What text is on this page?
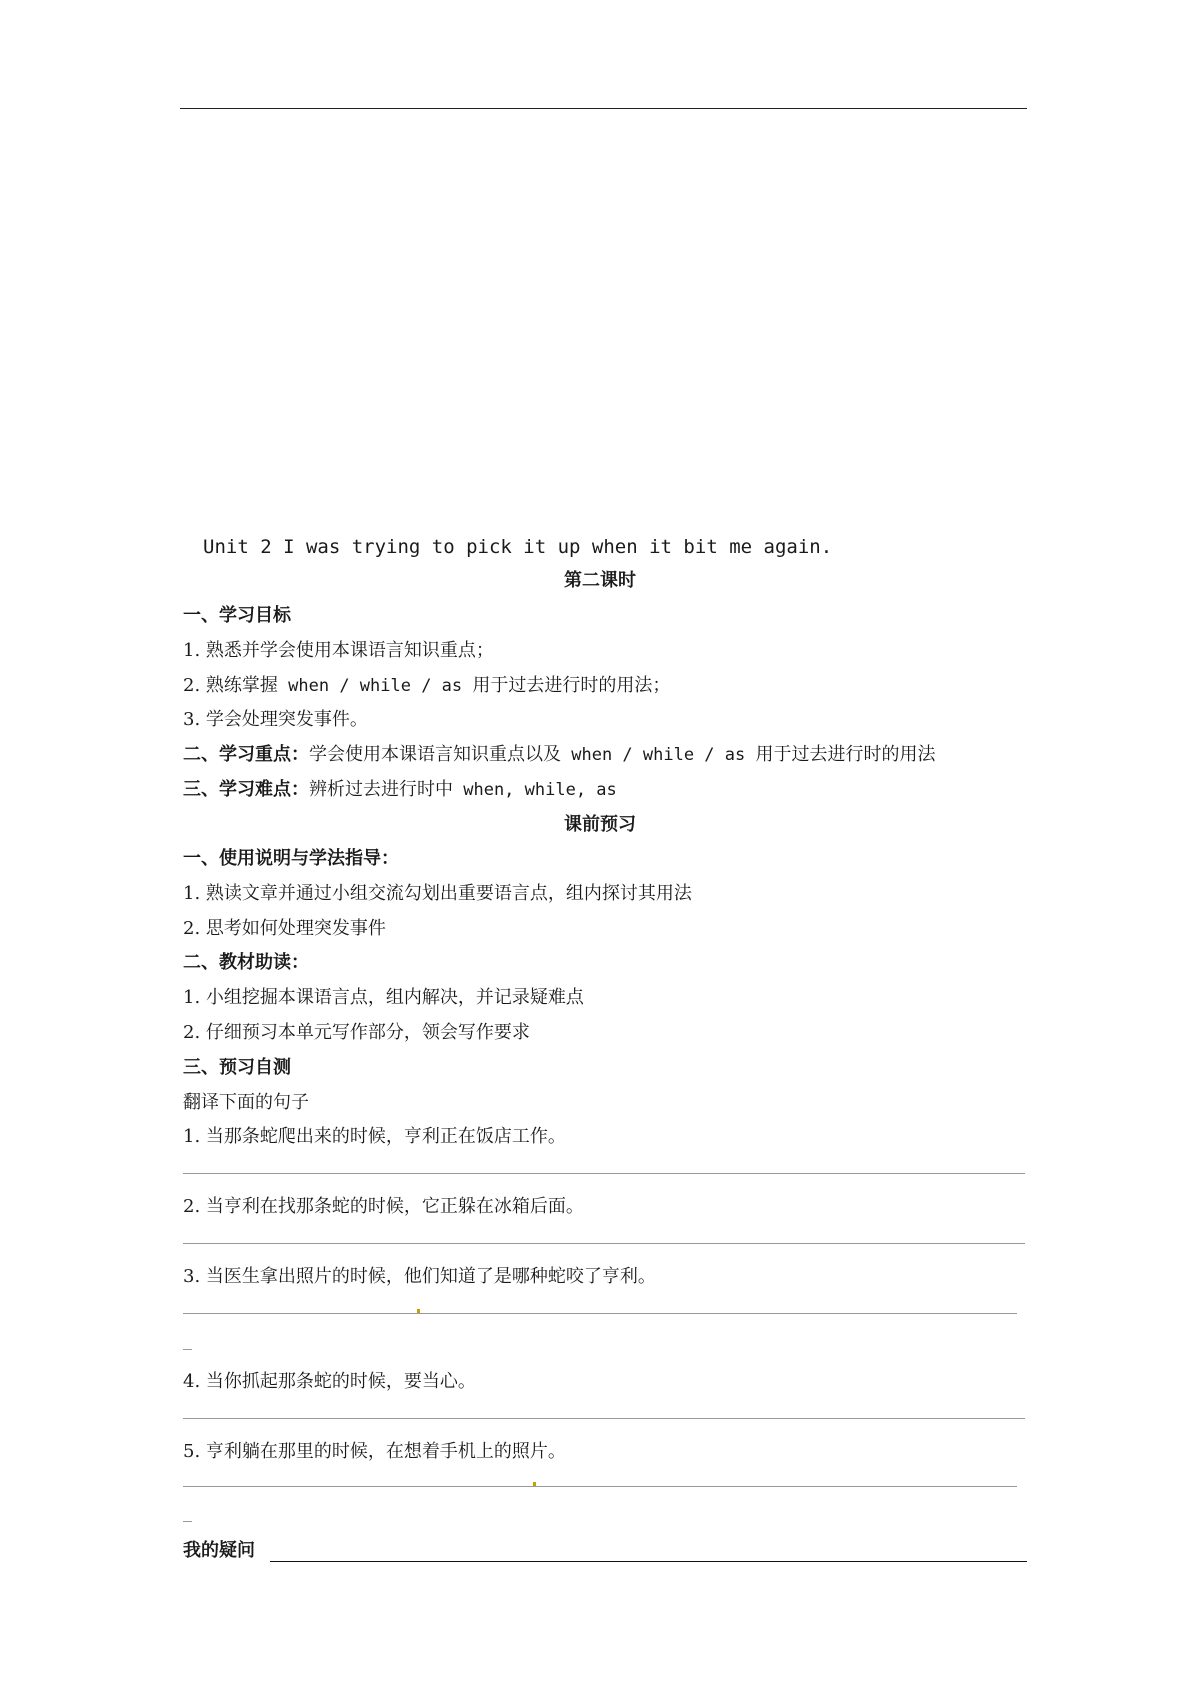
Unit 2 I was trying to pick it up when it bit me again.
第二课时
一、学习目标
1. 熟悉并学会使用本课语言知识重点；
2. 熟练掌握 when / while / as 用于过去进行时的用法；
3. 学会处理突发事件。
二、学习重点：学会使用本课语言知识重点以及 when / while / as 用于过去进行时的用法
三、学习难点：辨析过去进行时中 when, while, as
课前预习
一、使用说明与学法指导：
1. 熟读文章并通过小组交流勾划出重要语言点，组内探讨其用法
2. 思考如何处理突发事件
二、教材助读：
1. 小组挖掘本课语言点，组内解决，并记录疑难点
2. 仔细预习本单元写作部分，领会写作要求
三、预习自测
翻译下面的句子
1. 当那条蛇爬出来的时候，亨利正在饭店工作。
2. 当亨利在找那条蛇的时候，它正躲在冰箱后面。
3. 当医生拿出照片的时候，他们知道了是哪种蛇咬了亨利。
4. 当你抓起那条蛇的时候，要当心。
5. 亨利躺在那里的时候，在想着手机上的照片。
我的疑问
